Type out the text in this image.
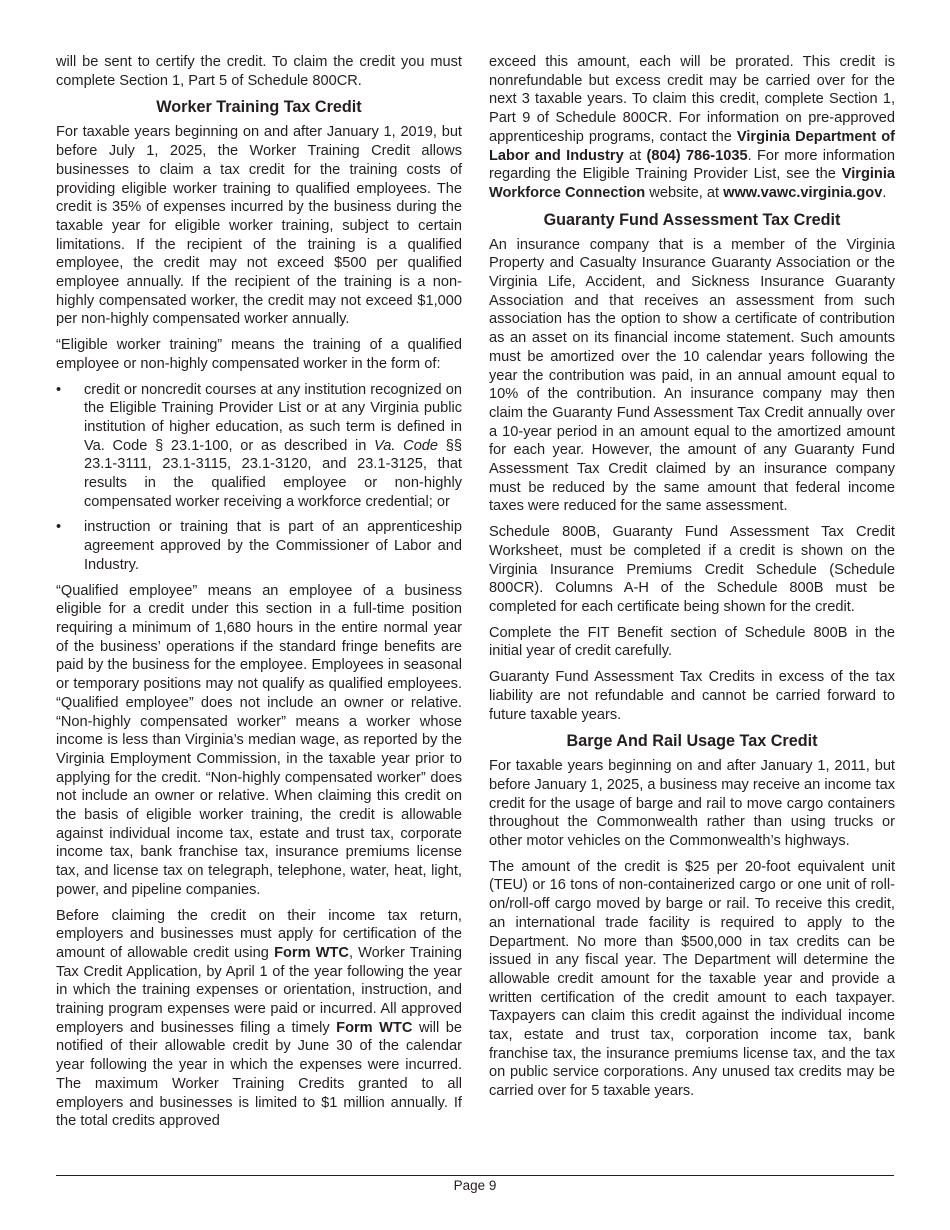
will be sent to certify the credit. To claim the credit you must complete Section 1, Part 5 of Schedule 800CR.

Worker Training Tax Credit

For taxable years beginning on and after January 1, 2019, but before July 1, 2025, the Worker Training Credit allows businesses to claim a tax credit for the training costs of providing eligible worker training to qualified employees. The credit is 35% of expenses incurred by the business during the taxable year for eligible worker training, subject to certain limitations. If the recipient of the training is a qualified employee, the credit may not exceed $500 per qualified employee annually. If the recipient of the training is a non-highly compensated worker, the credit may not exceed $1,000 per non-highly compensated worker annually.

“Eligible worker training” means the training of a qualified employee or non-highly compensated worker in the form of:

• credit or noncredit courses at any institution recognized on the Eligible Training Provider List or at any Virginia public institution of higher education, as such term is defined in Va. Code § 23.1-100, or as described in Va. Code §§ 23.1-3111, 23.1-3115, 23.1-3120, and 23.1-3125, that results in the qualified employee or non-highly compensated worker receiving a workforce credential; or
• instruction or training that is part of an apprenticeship agreement approved by the Commissioner of Labor and Industry.

“Qualified employee” means an employee of a business eligible for a credit under this section in a full-time position requiring a minimum of 1,680 hours in the entire normal year of the business’ operations if the standard fringe benefits are paid by the business for the employee. Employees in seasonal or temporary positions may not qualify as qualified employees. “Qualified employee” does not include an owner or relative. “Non-highly compensated worker” means a worker whose income is less than Virginia’s median wage, as reported by the Virginia Employment Commission, in the taxable year prior to applying for the credit. “Non-highly compensated worker” does not include an owner or relative. When claiming this credit on the basis of eligible worker training, the credit is allowable against individual income tax, estate and trust tax, corporate income tax, bank franchise tax, insurance premiums license tax, and license tax on telegraph, telephone, water, heat, light, power, and pipeline companies.

Before claiming the credit on their income tax return, employers and businesses must apply for certification of the amount of allowable credit using Form WTC, Worker Training Tax Credit Application, by April 1 of the year following the year in which the training expenses or orientation, instruction, and training program expenses were paid or incurred. All approved employers and businesses filing a timely Form WTC will be notified of their allowable credit by June 30 of the calendar year following the year in which the expenses were incurred. The maximum Worker Training Credits granted to all employers and businesses is limited to $1 million annually. If the total credits approved

exceed this amount, each will be prorated. This credit is nonrefundable but excess credit may be carried over for the next 3 taxable years. To claim this credit, complete Section 1, Part 9 of Schedule 800CR. For information on pre-approved apprenticeship programs, contact the Virginia Department of Labor and Industry at (804) 786-1035. For more information regarding the Eligible Training Provider List, see the Virginia Workforce Connection website, at www.vawc.virginia.gov.

Guaranty Fund Assessment Tax Credit

An insurance company that is a member of the Virginia Property and Casualty Insurance Guaranty Association or the Virginia Life, Accident, and Sickness Insurance Guaranty Association and that receives an assessment from such association has the option to show a certificate of contribution as an asset on its financial income statement. Such amounts must be amortized over the 10 calendar years following the year the contribution was paid, in an annual amount equal to 10% of the contribution. An insurance company may then claim the Guaranty Fund Assessment Tax Credit annually over a 10-year period in an amount equal to the amortized amount for each year. However, the amount of any Guaranty Fund Assessment Tax Credit claimed by an insurance company must be reduced by the same amount that federal income taxes were reduced for the same assessment.

Schedule 800B, Guaranty Fund Assessment Tax Credit Worksheet, must be completed if a credit is shown on the Virginia Insurance Premiums Credit Schedule (Schedule 800CR). Columns A-H of the Schedule 800B must be completed for each certificate being shown for the credit.

Complete the FIT Benefit section of Schedule 800B in the initial year of credit carefully.

Guaranty Fund Assessment Tax Credits in excess of the tax liability are not refundable and cannot be carried forward to future taxable years.

Barge And Rail Usage Tax Credit

For taxable years beginning on and after January 1, 2011, but before January 1, 2025, a business may receive an income tax credit for the usage of barge and rail to move cargo containers throughout the Commonwealth rather than using trucks or other motor vehicles on the Commonwealth’s highways.

The amount of the credit is $25 per 20-foot equivalent unit (TEU) or 16 tons of non-containerized cargo or one unit of roll-on/roll-off cargo moved by barge or rail. To receive this credit, an international trade facility is required to apply to the Department. No more than $500,000 in tax credits can be issued in any fiscal year. The Department will determine the allowable credit amount for the taxable year and provide a written certification of the credit amount to each taxpayer. Taxpayers can claim this credit against the individual income tax, estate and trust tax, corporation income tax, bank franchise tax, the insurance premiums license tax, and the tax on public service corporations. Any unused tax credits may be carried over for 5 taxable years.

Page 9
